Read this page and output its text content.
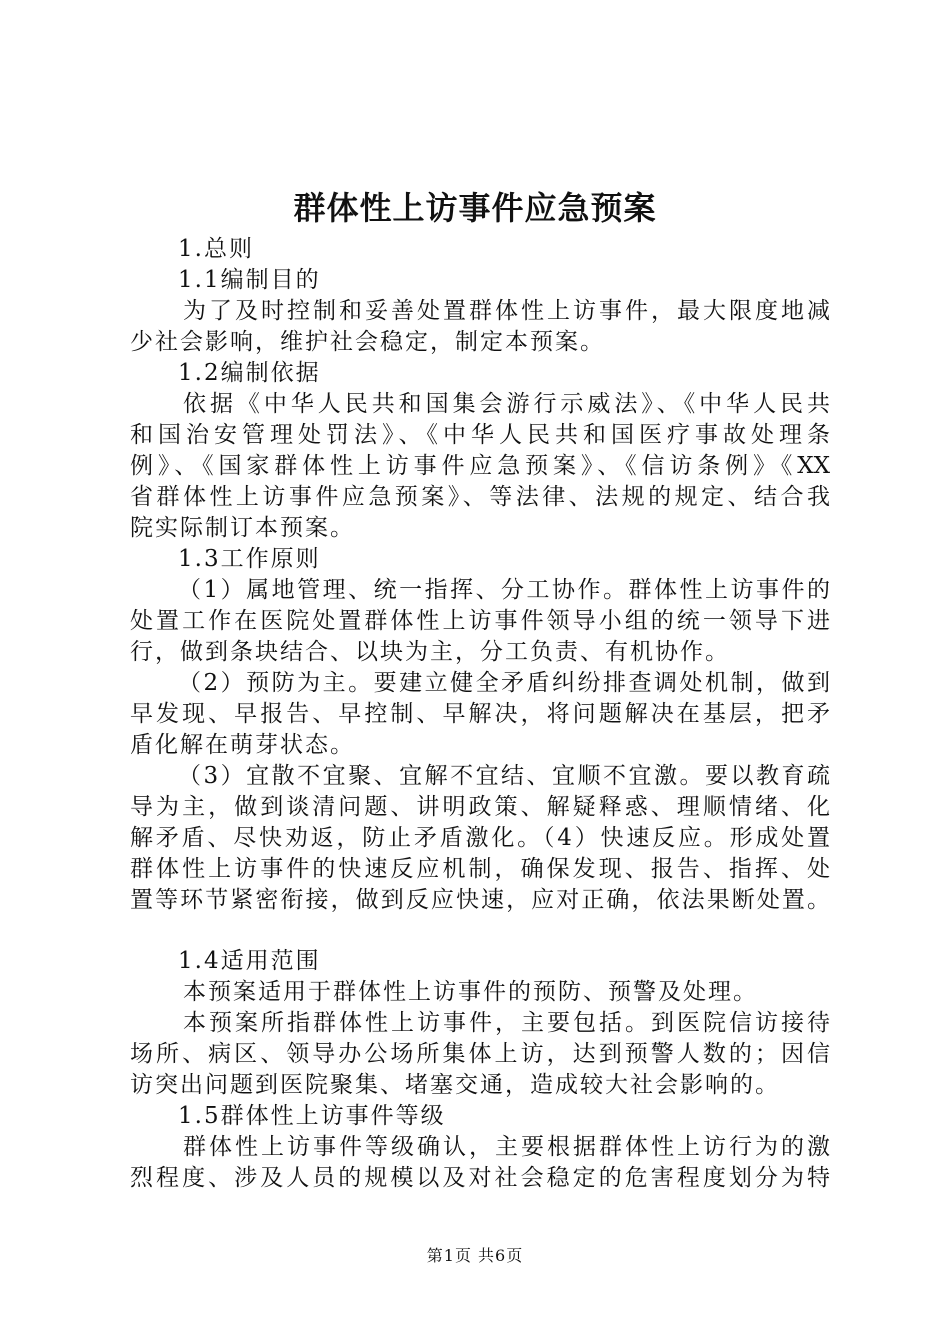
群体性上访事件应急预案
1.总则
1.1编制目的
为了及时控制和妥善处置群体性上访事件，最大限度地减
少社会影响，维护社会稳定，制定本预案。
1.2编制依据
依据《中华人民共和国集会游行示威法》、《中华人民共
和国治安管理处罚法》、《中华人民共和国医疗事故处理条
例》、《国家群体性上访事件应急预案》、《信访条例》《XX
省群体性上访事件应急预案》、等法律、法规的规定、结合我
院实际制订本预案。
1.3工作原则
（1）属地管理、统一指挥、分工协作。群体性上访事件的
处置工作在医院处置群体性上访事件领导小组的统一领导下进
行，做到条块结合、以块为主，分工负责、有机协作。
（2）预防为主。要建立健全矛盾纠纷排查调处机制，做到
早发现、早报告、早控制、早解决，将问题解决在基层，把矛
盾化解在萌芽状态。
（3）宜散不宜聚、宜解不宜结、宜顺不宜激。要以教育疏
导为主，做到谈清问题、讲明政策、解疑释惑、理顺情绪、化
解矛盾、尽快劝返，防止矛盾激化。（4）快速反应。形成处置
群体性上访事件的快速反应机制，确保发现、报告、指挥、处
置等环节紧密衔接，做到反应快速，应对正确，依法果断处置。
1.4适用范围
本预案适用于群体性上访事件的预防、预警及处理。
本预案所指群体性上访事件，主要包括。到医院信访接待
场所、病区、领导办公场所集体上访，达到预警人数的；因信
访突出问题到医院聚集、堵塞交通，造成较大社会影响的。
1.5群体性上访事件等级
群体性上访事件等级确认，主要根据群体性上访行为的激
烈程度、涉及人员的规模以及对社会稳定的危害程度划分为特
第1页 共6页
